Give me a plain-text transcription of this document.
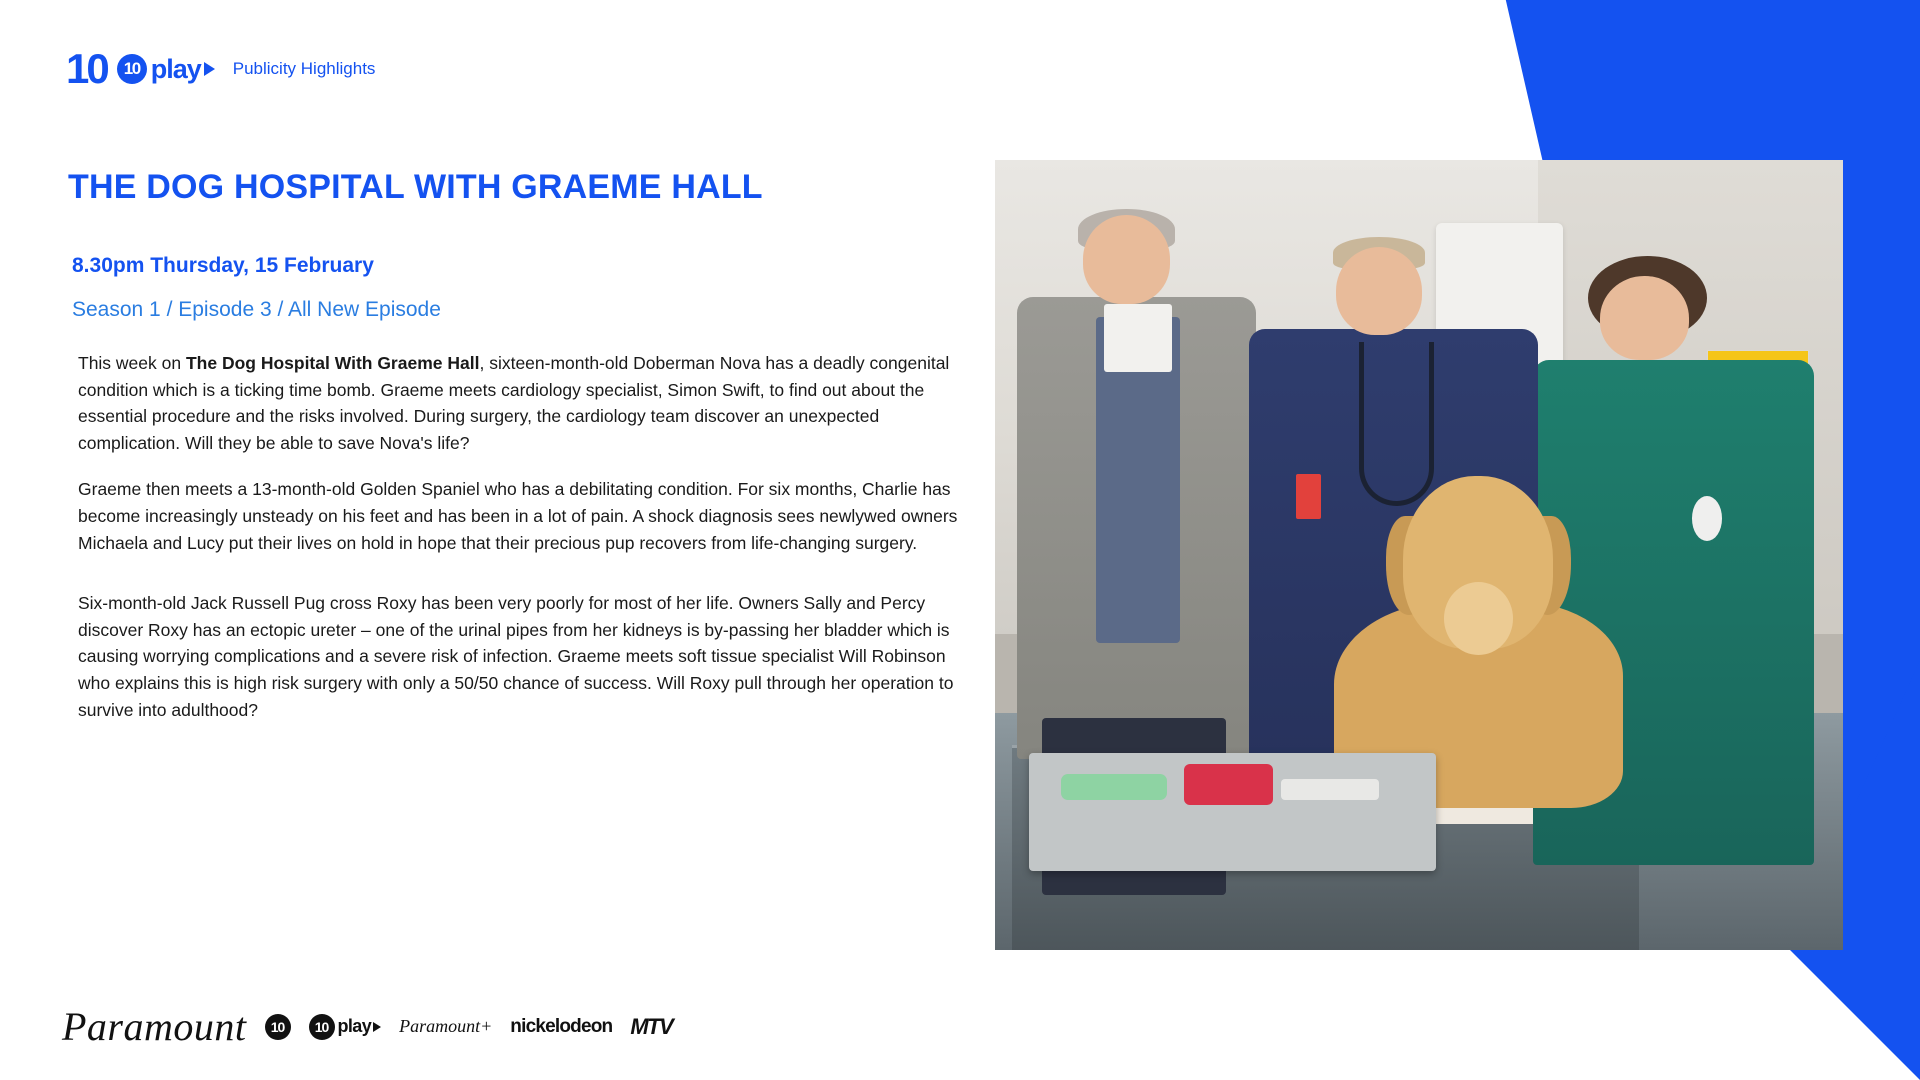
10	10 play Publicity Highlights
THE DOG HOSPITAL WITH GRAEME HALL
8.30pm Thursday, 15 February
Season 1 / Episode 3 / All New Episode

This week on The Dog Hospital With Graeme Hall, sixteen-month-old Doberman Nova has a deadly congenital condition which is a ticking time bomb. Graeme meets cardiology specialist, Simon Swift, to find out about the essential procedure and the risks involved. During surgery, the cardiology team discover an unexpected complication. Will they be able to save Nova's life?

Graeme then meets a 13-month-old Golden Spaniel who has a debilitating condition. For six months, Charlie has become increasingly unsteady on his feet and has been in a lot of pain. A shock diagnosis sees newlywed owners Michaela and Lucy put their lives on hold in hope that their precious pup recovers from life-changing surgery.

Six-month-old Jack Russell Pug cross Roxy has been very poorly for most of her life. Owners Sally and Percy discover Roxy has an ectopic ureter – one of the urinal pipes from her kidneys is by-passing her bladder which is causing worrying complications and a severe risk of infection. Graeme meets soft tissue specialist Will Robinson who explains this is high risk surgery with only a 50/50 chance of success. Will Roxy pull through her operation to survive into adulthood?

Paramount	10	10 play Paramount+ nickelodeon MTV
